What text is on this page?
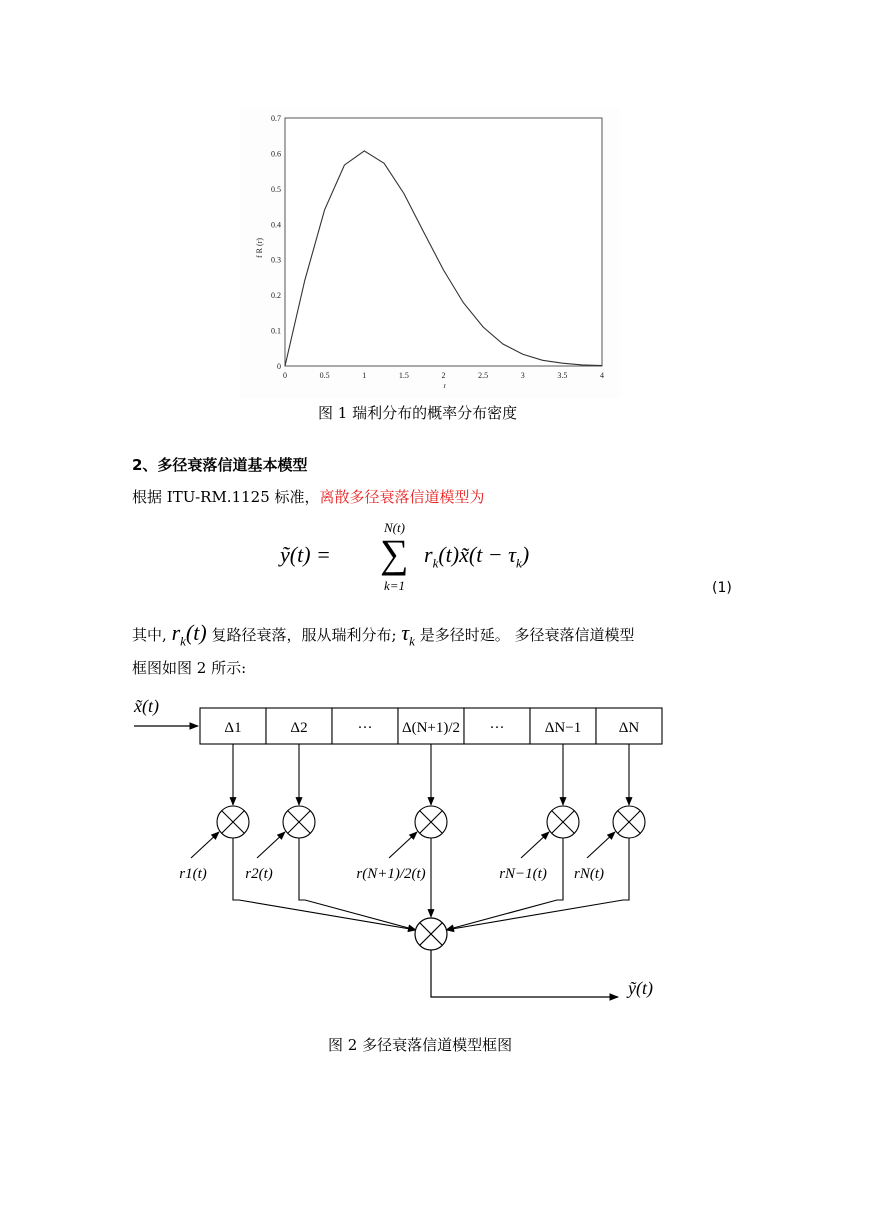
0	0.5	1	1.5	2	2.5	3	3.5	4
0
0.1
0.2
0.3
0.4
0.5
0.6
0.7
f R (r)
r
图 1 瑞利分布的概率分布密度
2、多径衰落信道基本模型
根据 ITU-RM.1125 标准，离散多径衰落信道模型为
ỹ(t) =
N(t)
∑
k=1
$r_k(t)x̃(t - \tau_k)$
(1)
其中, $r_k(t)$ 复路径衰落，服从瑞利分布; $\tau_k$ 是多径时延。 多径衰落信道模型
框图如图 2 所示:
x̃(t)
Δ1	Δ2	··· Δ(N+1)/2 ···	ΔN−1	ΔN
r1(t)	r2(t)	r(N+1)/2(t)	rN−1(t) rN(t)
ỹ(t)
图 2 多径衰落信道模型框图
